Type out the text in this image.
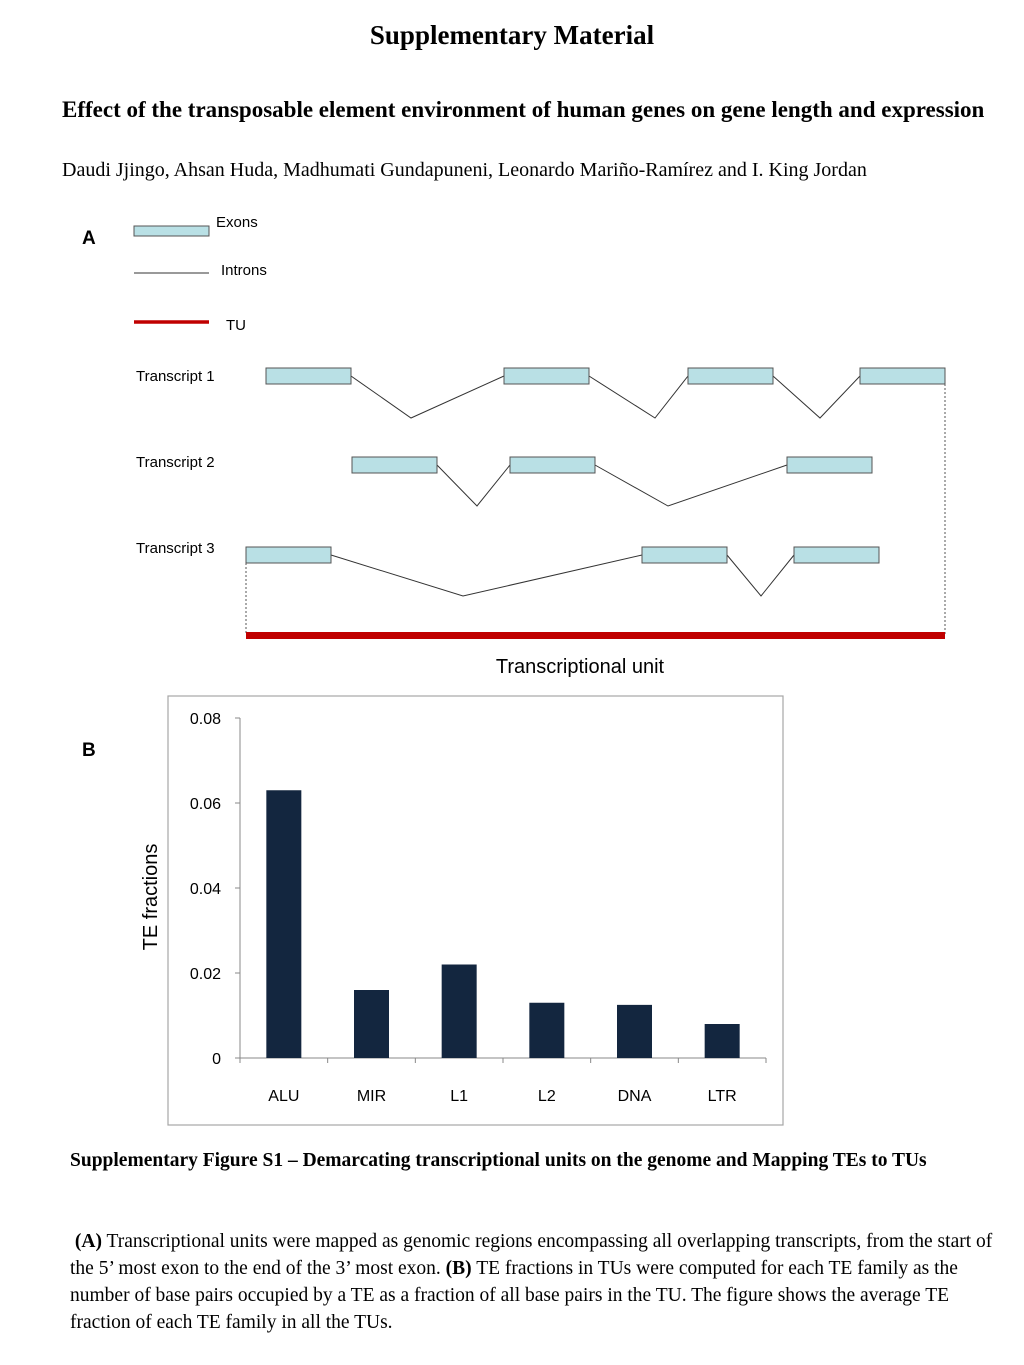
Supplementary Material
Effect of the transposable element environment of human genes on gene length and expression
Daudi Jjingo, Ahsan Huda, Madhumati Gundapuneni, Leonardo Mariño-Ramírez and I. King Jordan
A
Exons
Introns
TU
Transcript 1
Transcript 2
Transcript 3
Transcriptional unit
B
0
0.02
0.04
0.06
0.08
ALU	MIR	L1	L2	DNA	LTR
TE fractions
Supplementary Figure S1 – Demarcating transcriptional units on the genome and Mapping TEs to TUs
(A) Transcriptional units were mapped as genomic regions encompassing all overlapping transcripts, from the start of the 5’ most exon to the end of the 3’ most exon. (B) TE fractions in TUs were computed for each TE family as the number of base pairs occupied by a TE as a fraction of all base pairs in the TU. The figure shows the average TE fraction of each TE family in all the TUs.
